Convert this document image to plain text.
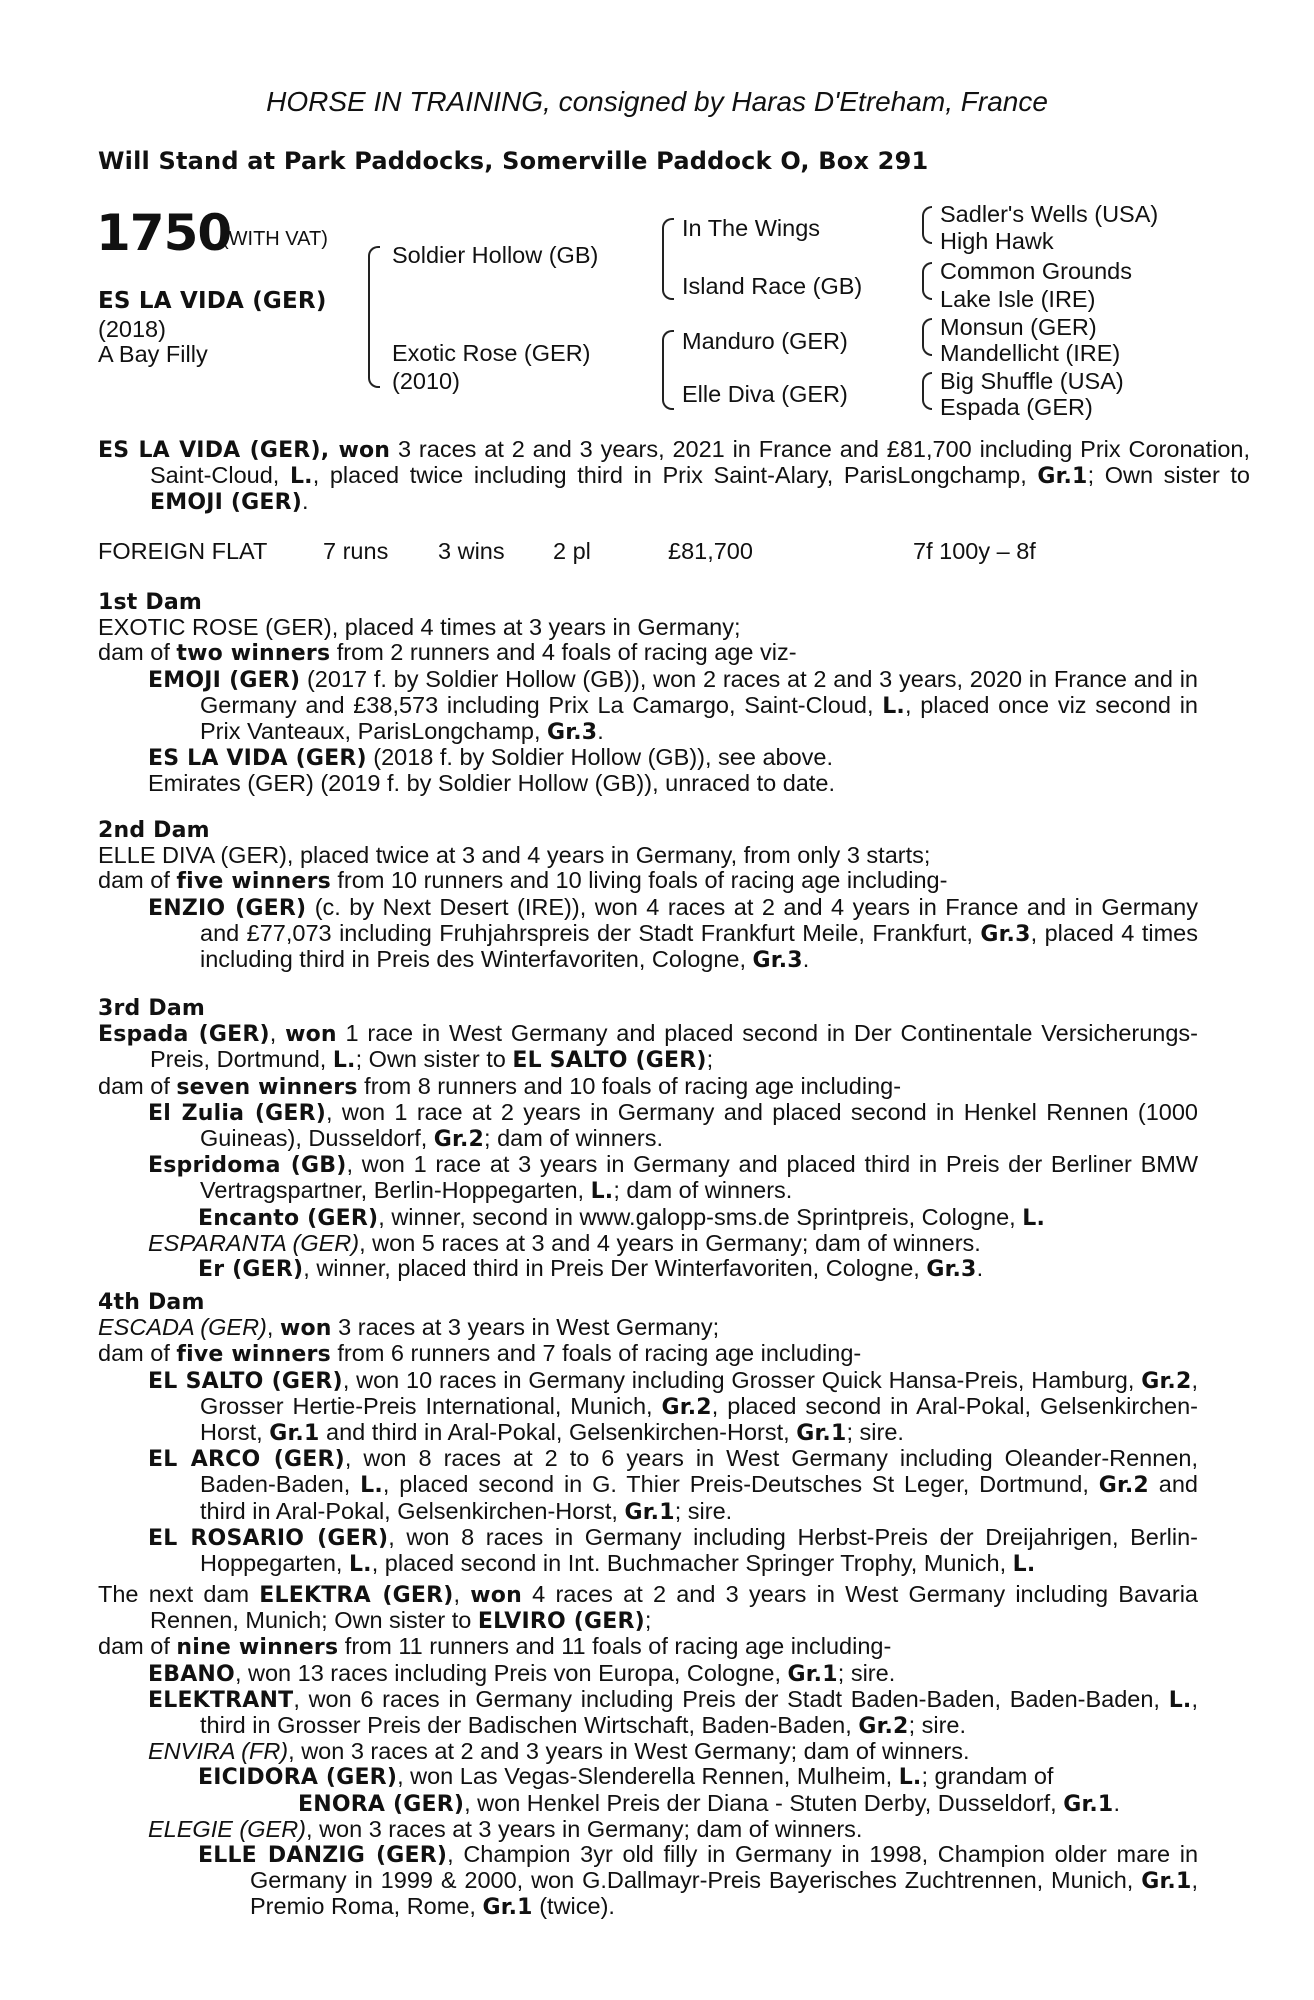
HORSE IN TRAINING, consigned by Haras D'Etreham, France
Will Stand at Park Paddocks, Somerville Paddock O, Box 291
1750
(WITH VAT)
ES LA VIDA (GER)
(2018)
A Bay Filly
Soldier Hollow (GB)
Exotic Rose (GER)
(2010)
In The Wings
Island Race (GB)
Manduro (GER)
Elle Diva (GER)
Sadler's Wells (USA)
High Hawk
Common Grounds
Lake Isle (IRE)
Monsun (GER)
Mandellicht (IRE)
Big Shuffle (USA)
Espada (GER)
ES LA VIDA (GER), won 3 races at 2 and 3 years, 2021 in France and £81,700 including Prix Coronation, Saint-Cloud, L., placed twice including third in Prix Saint-Alary, ParisLongchamp, Gr.1; Own sister to EMOJI (GER).
FOREIGN FLAT 7 runs 3 wins 2 pl	£81,700	7f 100y – 8f
1st Dam
EXOTIC ROSE (GER), placed 4 times at 3 years in Germany;
dam of two winners from 2 runners and 4 foals of racing age viz-
EMOJI (GER) (2017 f. by Soldier Hollow (GB)), won 2 races at 2 and 3 years, 2020 in France and in Germany and £38,573 including Prix La Camargo, Saint-Cloud, L., placed once viz second in Prix Vanteaux, ParisLongchamp, Gr.3.
ES LA VIDA (GER) (2018 f. by Soldier Hollow (GB)), see above.
Emirates (GER) (2019 f. by Soldier Hollow (GB)), unraced to date.
2nd Dam
ELLE DIVA (GER), placed twice at 3 and 4 years in Germany, from only 3 starts;
dam of five winners from 10 runners and 10 living foals of racing age including-
ENZIO (GER) (c. by Next Desert (IRE)), won 4 races at 2 and 4 years in France and in Germany and £77,073 including Fruhjahrspreis der Stadt Frankfurt Meile, Frankfurt, Gr.3, placed 4 times including third in Preis des Winterfavoriten, Cologne, Gr.3.
3rd Dam
Espada (GER), won 1 race in West Germany and placed second in Der Continentale Versicherungs- Preis, Dortmund, L.; Own sister to EL SALTO (GER);
dam of seven winners from 8 runners and 10 foals of racing age including-
El Zulia (GER), won 1 race at 2 years in Germany and placed second in Henkel Rennen (1000 Guineas), Dusseldorf, Gr.2; dam of winners.
Espridoma (GB), won 1 race at 3 years in Germany and placed third in Preis der Berliner BMW Vertragspartner, Berlin-Hoppegarten, L.; dam of winners.
Encanto (GER), winner, second in www.galopp-sms.de Sprintpreis, Cologne, L.
ESPARANTA (GER), won 5 races at 3 and 4 years in Germany; dam of winners.
Er (GER), winner, placed third in Preis Der Winterfavoriten, Cologne, Gr.3.
4th Dam
ESCADA (GER), won 3 races at 3 years in West Germany;
dam of five winners from 6 runners and 7 foals of racing age including-
EL SALTO (GER), won 10 races in Germany including Grosser Quick Hansa-Preis, Hamburg, Gr.2, Grosser Hertie-Preis International, Munich, Gr.2, placed second in Aral-Pokal, Gelsenkirchen-Horst, Gr.1 and third in Aral-Pokal, Gelsenkirchen-Horst, Gr.1; sire.
EL ARCO (GER), won 8 races at 2 to 6 years in West Germany including Oleander-Rennen, Baden-Baden, L., placed second in G. Thier Preis-Deutsches St Leger, Dortmund, Gr.2 and third in Aral-Pokal, Gelsenkirchen-Horst, Gr.1; sire.
EL ROSARIO (GER), won 8 races in Germany including Herbst-Preis der Dreijahrigen, Berlin-Hoppegarten, L., placed second in Int. Buchmacher Springer Trophy, Munich, L.
The next dam ELEKTRA (GER), won 4 races at 2 and 3 years in West Germany including Bavaria Rennen, Munich; Own sister to ELVIRO (GER);
dam of nine winners from 11 runners and 11 foals of racing age including-
EBANO, won 13 races including Preis von Europa, Cologne, Gr.1; sire.
ELEKTRANT, won 6 races in Germany including Preis der Stadt Baden-Baden, Baden-Baden, L., third in Grosser Preis der Badischen Wirtschaft, Baden-Baden, Gr.2; sire.
ENVIRA (FR), won 3 races at 2 and 3 years in West Germany; dam of winners.
EICIDORA (GER), won Las Vegas-Slenderella Rennen, Mulheim, L.; grandam of
ENORA (GER), won Henkel Preis der Diana - Stuten Derby, Dusseldorf, Gr.1.
ELEGIE (GER), won 3 races at 3 years in Germany; dam of winners.
ELLE DANZIG (GER), Champion 3yr old filly in Germany in 1998, Champion older mare in Germany in 1999 & 2000, won G.Dallmayr-Preis Bayerisches Zuchtrennen, Munich, Gr.1, Premio Roma, Rome, Gr.1 (twice).
